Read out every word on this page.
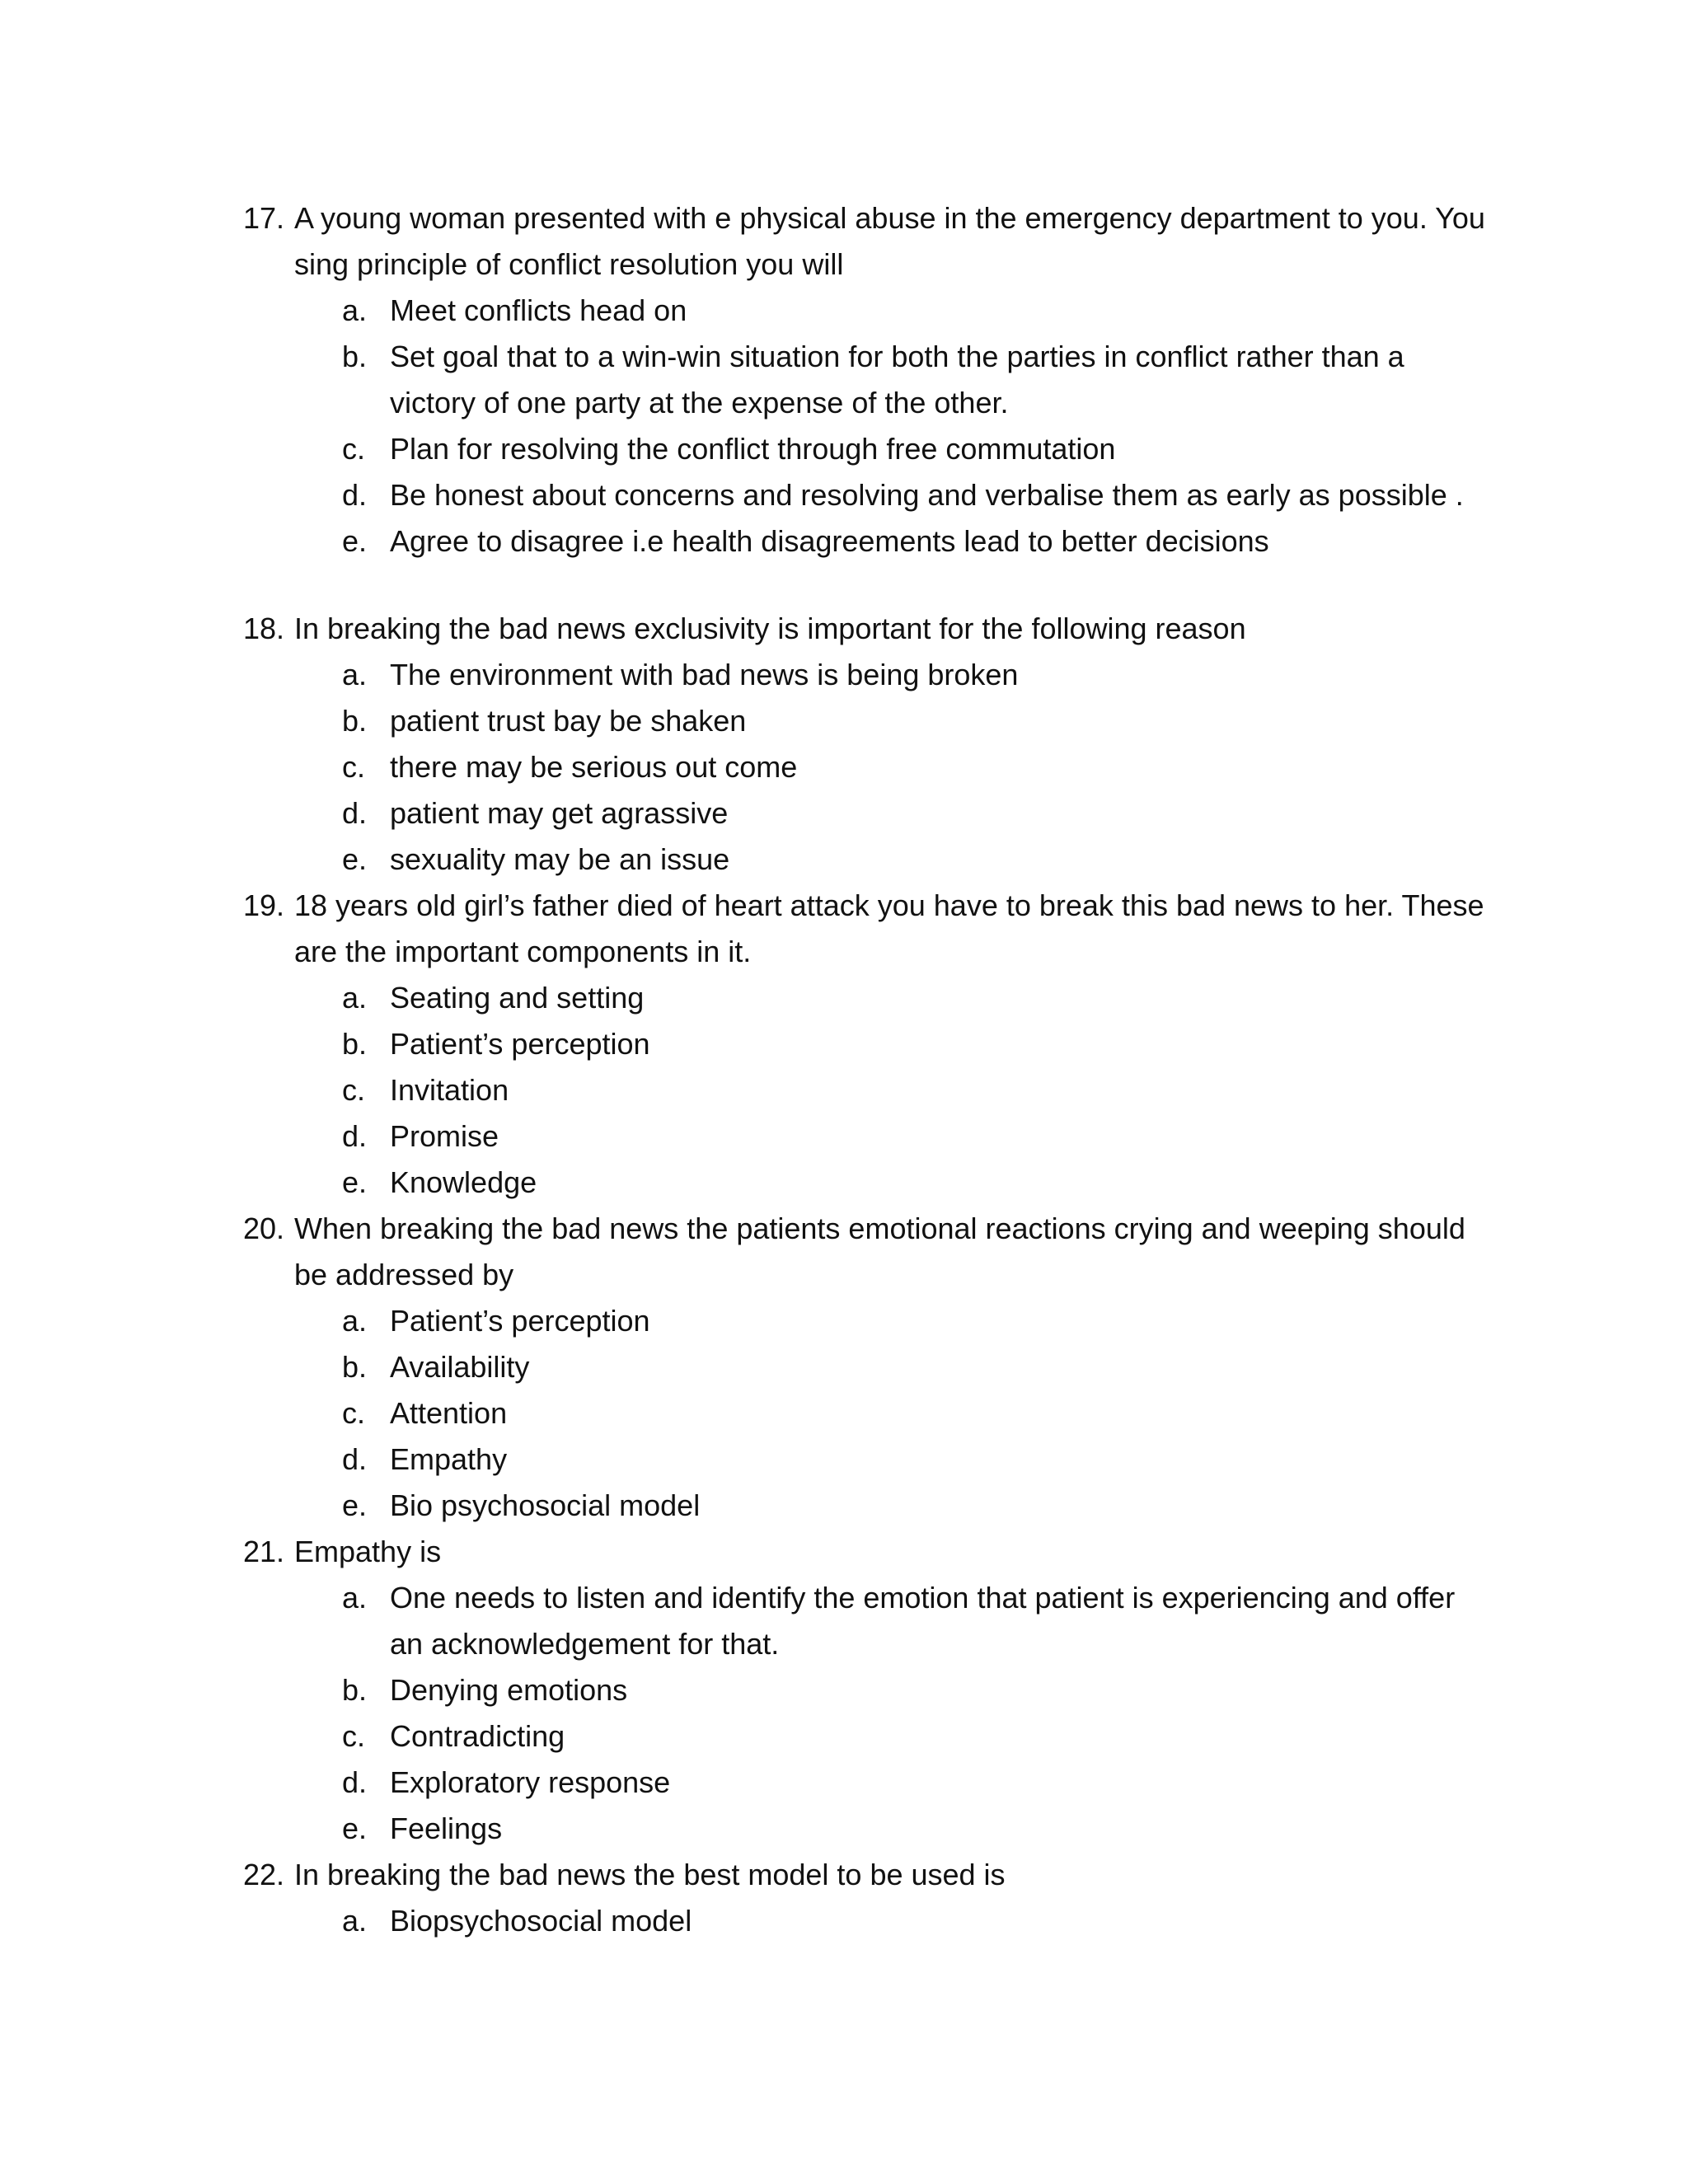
17. A young woman presented with e physical abuse in the emergency department to you. You sing principle of conflict resolution you will
a. Meet conflicts head on
b. Set goal that to a win-win situation for both the parties in conflict rather than a victory of one party at the expense of the other.
c. Plan for resolving the conflict through free commutation
d. Be honest about concerns and resolving and verbalise them as early as possible .
e. Agree to disagree i.e health disagreements lead to better decisions
18. In breaking the bad news exclusivity is important for the following reason
a. The environment with bad news is being broken
b. patient trust bay be shaken
c. there may be serious out come
d. patient may get agrassive
e. sexuality may be an issue
19. 18 years old girl’s father died of heart attack you have to break this bad news to her. These are the important components in it.
a. Seating and setting
b. Patient’s perception
c. Invitation
d. Promise
e. Knowledge
20. When breaking the bad news the patients emotional reactions crying and weeping should be addressed by
a. Patient’s perception
b. Availability
c. Attention
d. Empathy
e. Bio psychosocial model
21. Empathy is
a. One needs to listen and identify the emotion that patient is experiencing and offer an acknowledgement for that.
b. Denying emotions
c. Contradicting
d. Exploratory response
e. Feelings
22. In breaking the bad news the best model to be used is
a. Biopsychosocial model
